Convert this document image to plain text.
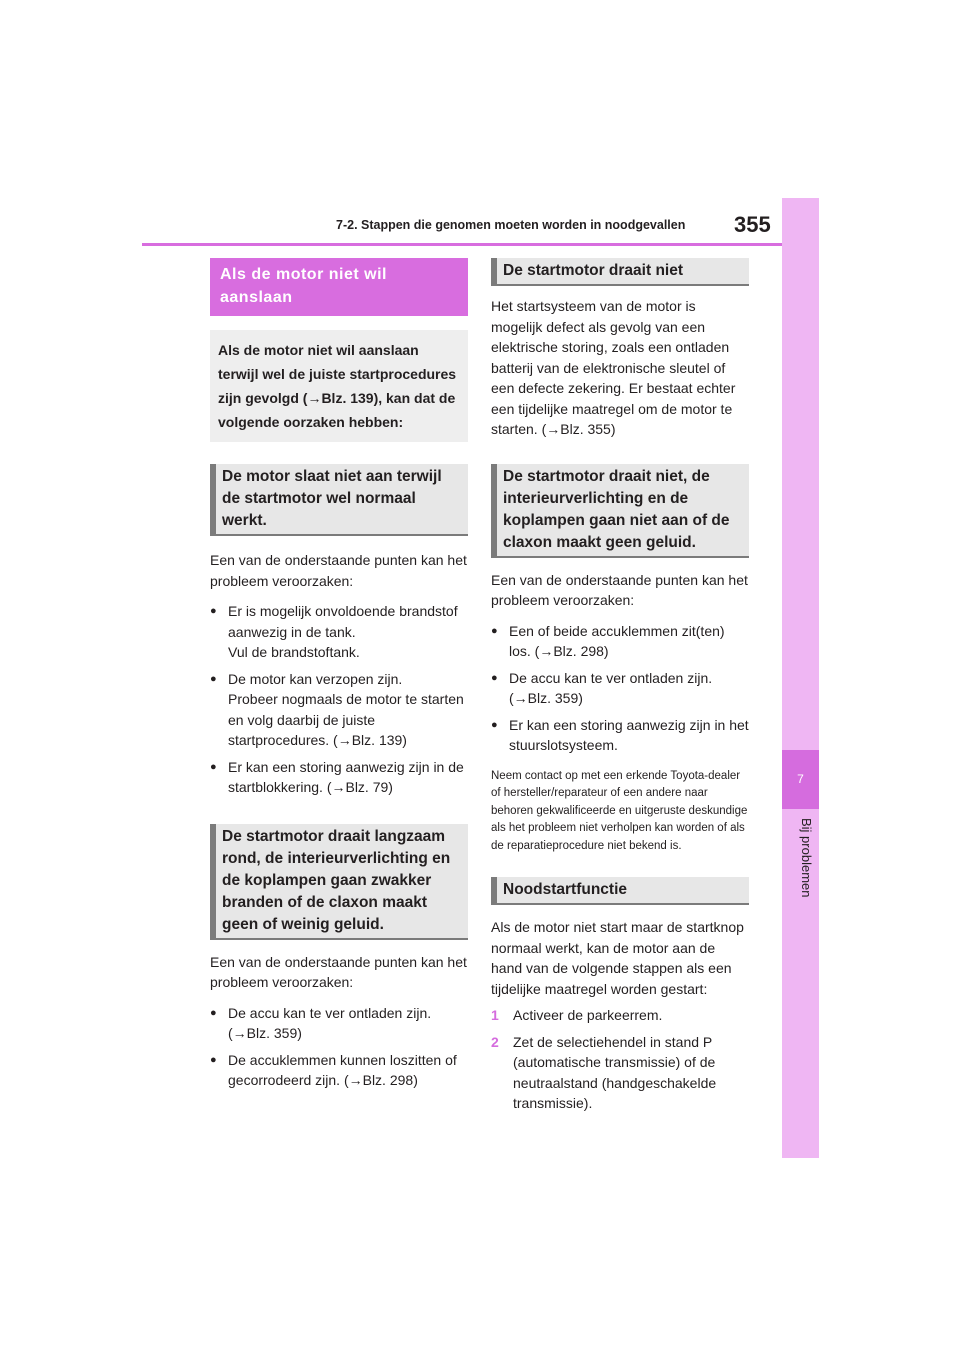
7-2. Stappen die genomen moeten worden in noodgevallen 355
7
Bij problemen
Als de motor niet wil aanslaan
Als de motor niet wil aanslaan terwijl wel de juiste startprocedures zijn gevolgd (→Blz. 139), kan dat de volgende oorzaken hebben:
De motor slaat niet aan terwijl de startmotor wel normaal werkt.
Een van de onderstaande punten kan het probleem veroorzaken:
● Er is mogelijk onvoldoende brandstof aanwezig in de tank.
Vul de brandstoftank.
● De motor kan verzopen zijn.
Probeer nogmaals de motor te starten en volg daarbij de juiste startprocedures. (→Blz. 139)
● Er kan een storing aanwezig zijn in de startblokkering. (→Blz. 79)
De startmotor draait langzaam rond, de interieurverlichting en de koplampen gaan zwakker branden of de claxon maakt geen of weinig geluid.
Een van de onderstaande punten kan het probleem veroorzaken:
● De accu kan te ver ontladen zijn. (→Blz. 359)
● De accuklemmen kunnen loszitten of gecorrodeerd zijn. (→Blz. 298)
De startmotor draait niet
Het startsysteem van de motor is mogelijk defect als gevolg van een elektrische storing, zoals een ontladen batterij van de elektronische sleutel of een defecte zekering. Er bestaat echter een tijdelijke maatregel om de motor te starten. (→Blz. 355)
De startmotor draait niet, de interieurverlichting en de koplampen gaan niet aan of de claxon maakt geen geluid.
Een van de onderstaande punten kan het probleem veroorzaken:
● Een of beide accuklemmen zit(ten) los. (→Blz. 298)
● De accu kan te ver ontladen zijn. (→Blz. 359)
● Er kan een storing aanwezig zijn in het stuurslotsysteem.
Neem contact op met een erkende Toyota-dealer of hersteller/reparateur of een andere naar behoren gekwalificeerde en uitgeruste deskundige als het probleem niet verholpen kan worden of als de reparatieprocedure niet bekend is.
Noodstartfunctie
Als de motor niet start maar de startknop normaal werkt, kan de motor aan de hand van de volgende stappen als een tijdelijke maatregel worden gestart:
1 Activeer de parkeerrem.
2 Zet de selectiehendel in stand P (automatische transmissie) of de neutraalstand (handgeschakelde transmissie).
